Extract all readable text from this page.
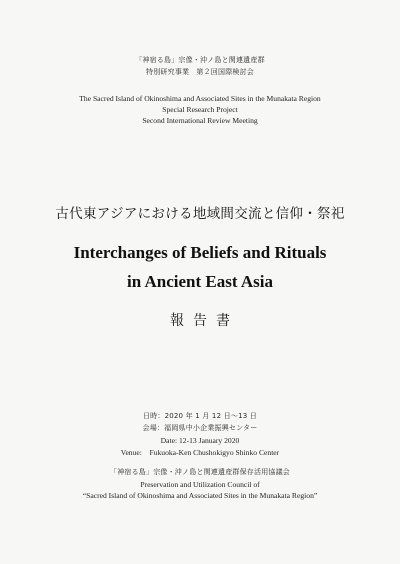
「神宿る島」宗像・沖ノ島と関連遺産群
特別研究事業　第２回国際検討会
The Sacred Island of Okinoshima and Associated Sites in the Munakata Region
Special Research Project
Second International Review Meeting
古代東アジアにおける地域間交流と信仰・祭祀
Interchanges of Beliefs and Rituals
in Ancient East Asia
報告書
日時：2020 年 1 月 12 日～13 日
会場：福岡県中小企業振興センター
Date: 12-13 January 2020
Venue:　Fukuoka-Ken Chushokigyo Shinko Center
「神宿る島」宗像・沖ノ島と関連遺産群保存活用協議会
Preservation and Utilization Council of
“Sacred Island of Okinoshima and Associated Sites in the Munakata Region”
